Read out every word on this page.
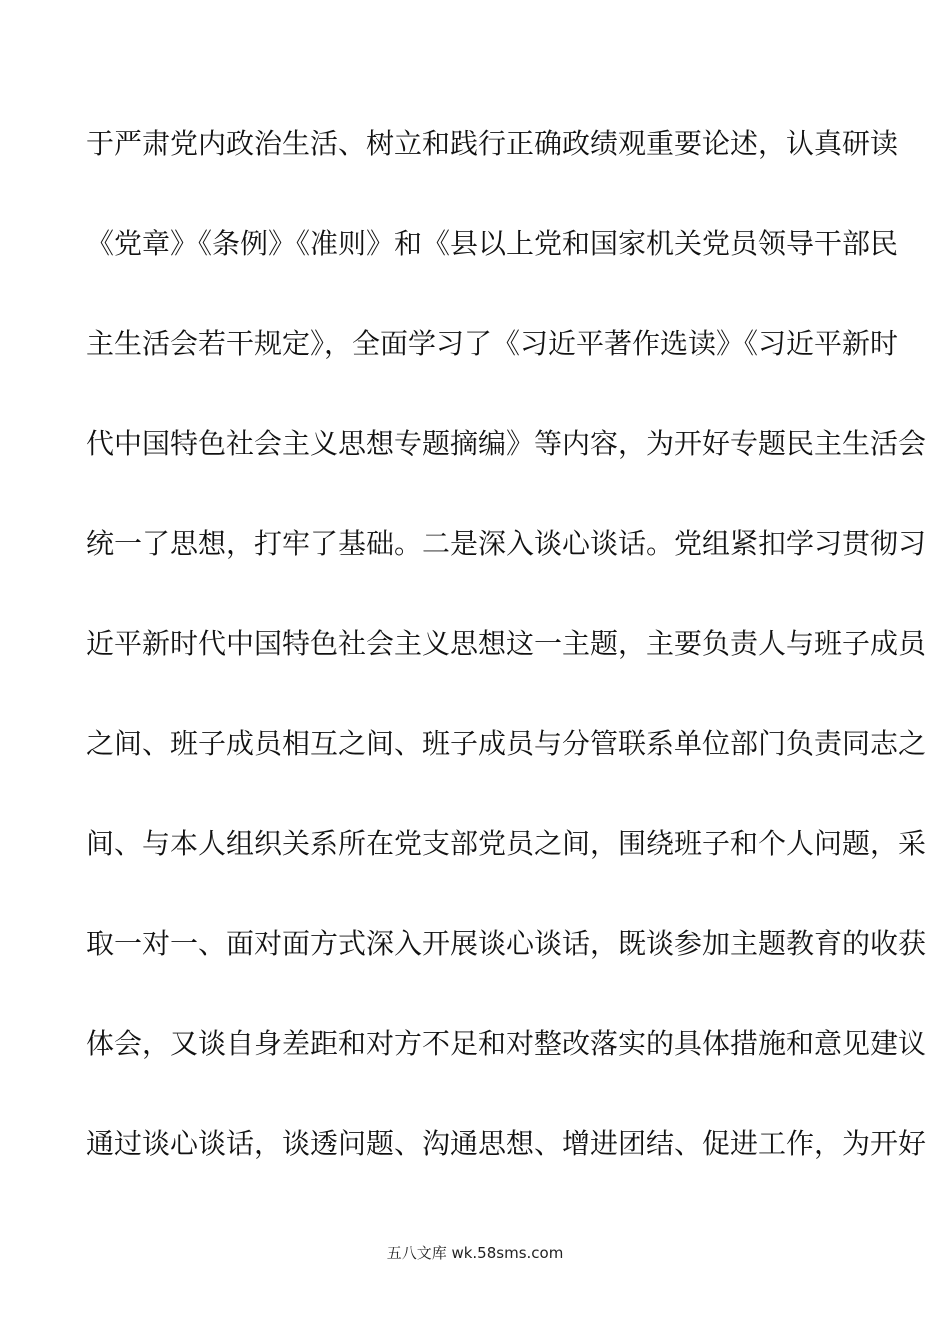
于严肃党内政治生活、树立和践行正确政绩观重要论述，认真研读
《党章》《条例》《准则》和《县以上党和国家机关党员领导干部民
主生活会若干规定》，全面学习了《习近平著作选读》《习近平新时
代中国特色社会主义思想专题摘编》等内容，为开好专题民主生活会
统一了思想，打牢了基础。二是深入谈心谈话。党组紧扣学习贯彻习
近平新时代中国特色社会主义思想这一主题，主要负责人与班子成员
之间、班子成员相互之间、班子成员与分管联系单位部门负责同志之
间、与本人组织关系所在党支部党员之间，围绕班子和个人问题，采
取一对一、面对面方式深入开展谈心谈话，既谈参加主题教育的收获
体会，又谈自身差距和对方不足和对整改落实的具体措施和意见建议
通过谈心谈话，谈透问题、沟通思想、增进团结、促进工作，为开好
五八文库 wk.58sms.com
